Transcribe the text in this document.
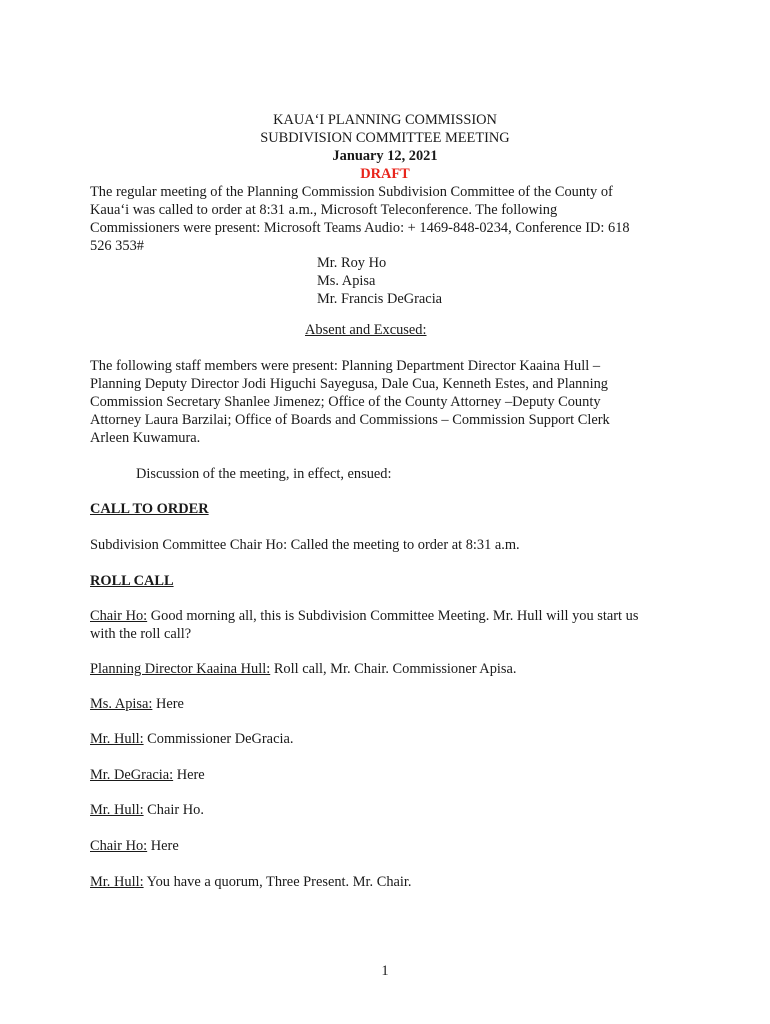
KAUA‘I PLANNING COMMISSION
SUBDIVISION COMMITTEE MEETING
January 12, 2021
DRAFT
The regular meeting of the Planning Commission Subdivision Committee of the County of Kaua‘i was called to order at 8:31 a.m., Microsoft Teleconference. The following Commissioners were present: Microsoft Teams Audio: + 1469-848-0234, Conference ID: 618 526 353#
Mr. Roy Ho
Ms. Apisa
Mr. Francis DeGracia
Absent and Excused:
The following staff members were present: Planning Department Director Kaaina Hull – Planning Deputy Director Jodi Higuchi Sayegusa, Dale Cua, Kenneth Estes, and Planning Commission Secretary Shanlee Jimenez; Office of the County Attorney –Deputy County Attorney Laura Barzilai; Office of Boards and Commissions – Commission Support Clerk Arleen Kuwamura.
Discussion of the meeting, in effect, ensued:
CALL TO ORDER
Subdivision Committee Chair Ho: Called the meeting to order at 8:31 a.m.
ROLL CALL
Chair Ho: Good morning all, this is Subdivision Committee Meeting. Mr. Hull will you start us with the roll call?
Planning Director Kaaina Hull: Roll call, Mr. Chair. Commissioner Apisa.
Ms. Apisa: Here
Mr. Hull: Commissioner DeGracia.
Mr. DeGracia: Here
Mr. Hull: Chair Ho.
Chair Ho: Here
Mr. Hull: You have a quorum, Three Present. Mr. Chair.
1
